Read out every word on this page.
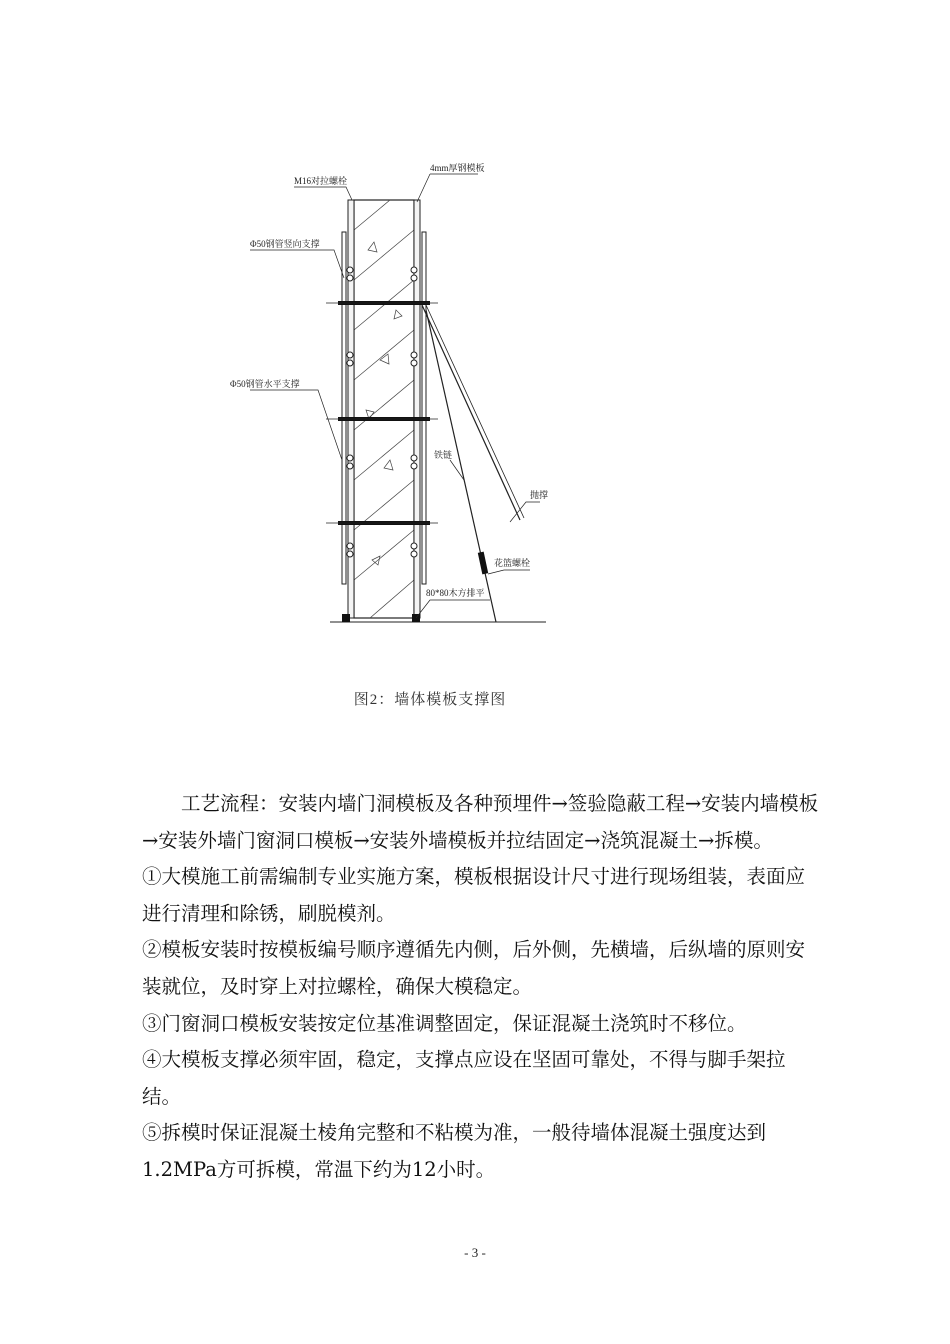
M16对拉螺栓
4mm厚钢模板
Φ50钢管竖向支撑
Φ50钢管水平支撑
铁链
抛撑
花篮螺栓
80*80木方排平
图2：墙体模板支撑图

工艺流程：安装内墙门洞模板及各种预埋件→签验隐蔽工程→安装内墙模板→安装外墙门窗洞口模板→安装外墙模板并拉结固定→浇筑混凝土→拆模。

①大模施工前需编制专业实施方案，模板根据设计尺寸进行现场组装，表面应进行清理和除锈，刷脱模剂。

②模板安装时按模板编号顺序遵循先内侧，后外侧，先横墙，后纵墙的原则安装就位，及时穿上对拉螺栓，确保大模稳定。

③门窗洞口模板安装按定位基准调整固定，保证混凝土浇筑时不移位。

④大模板支撑必须牢固，稳定，支撑点应设在坚固可靠处，不得与脚手架拉结。

⑤拆模时保证混凝土棱角完整和不粘模为准，一般待墙体混凝土强度达到1.2MPa方可拆模，常温下约为12小时。

- 3 -
